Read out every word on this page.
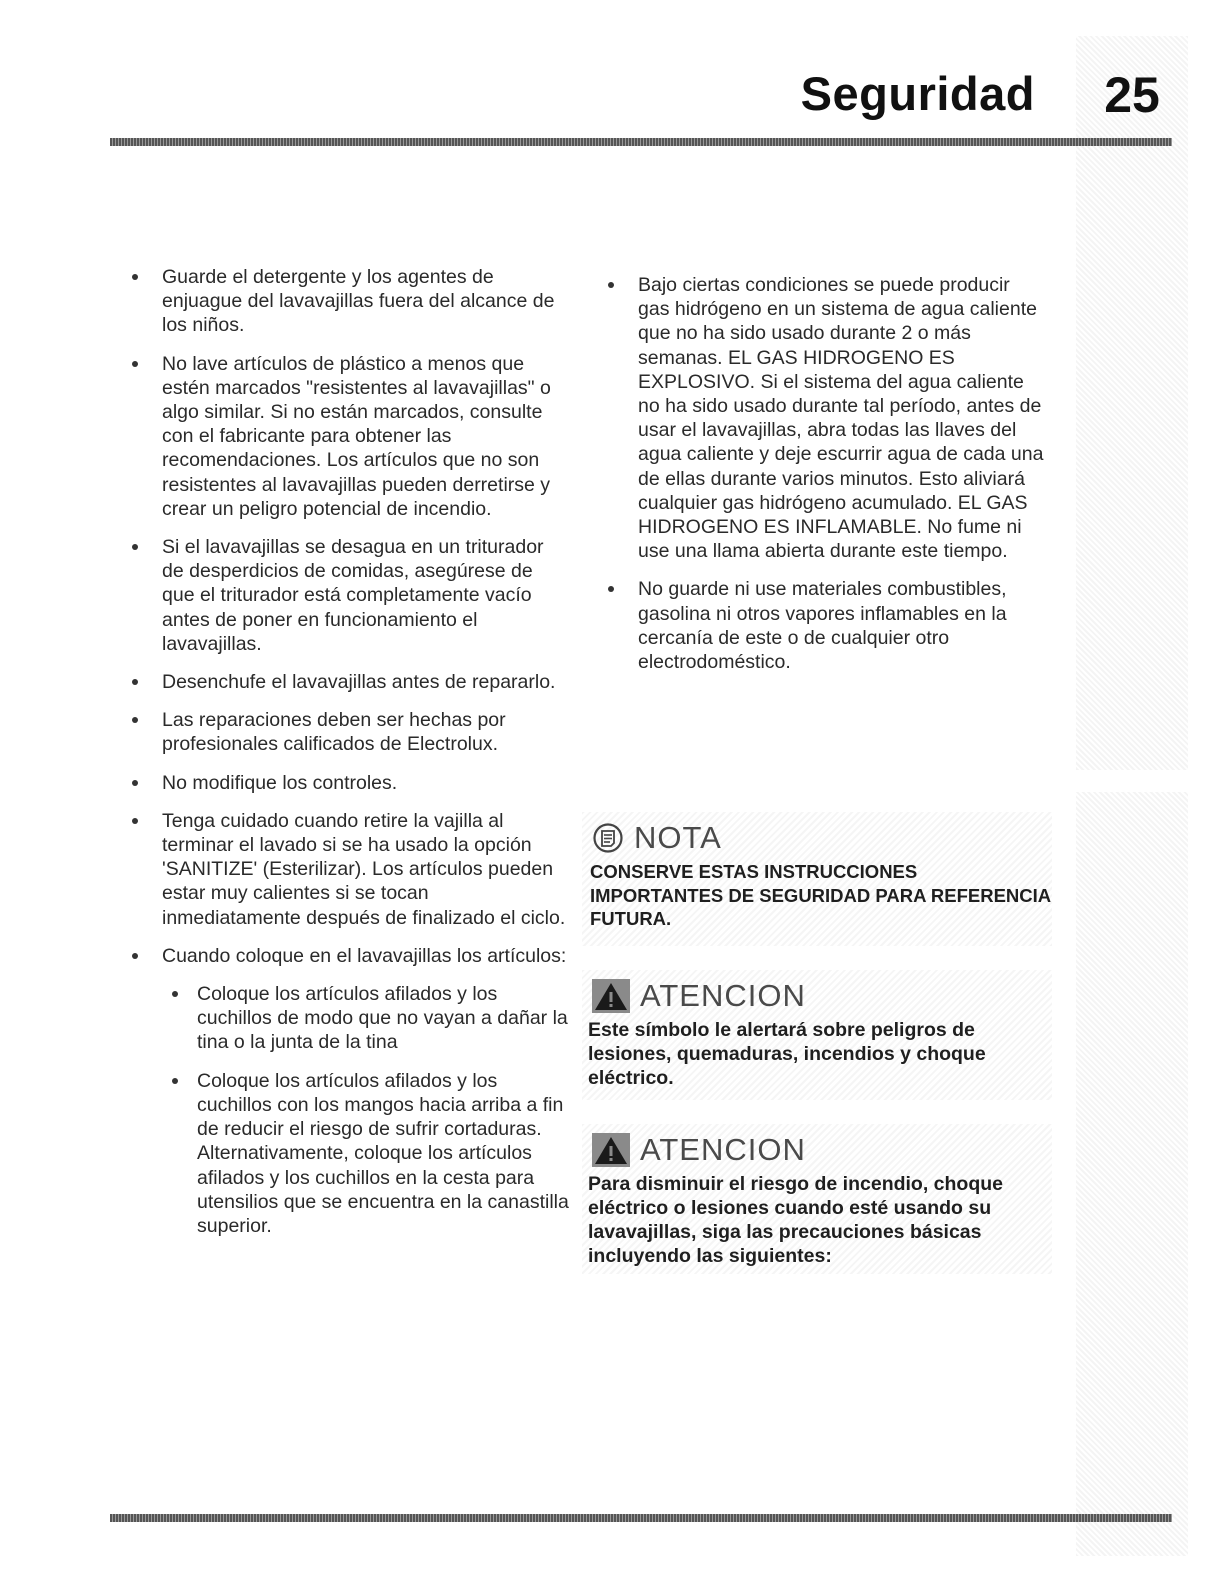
Seguridad 25
Guarde el detergente y los agentes de enjuague del lavavajillas fuera del alcance de los niños.
No lave artículos de plástico a menos que estén marcados "resistentes al lavavajillas" o algo similar. Si no están marcados, consulte con el fabricante para obtener las recomendaciones. Los artículos que no son resistentes al lavavajillas pueden derretirse y crear un peligro potencial de incendio.
Si el lavavajillas se desagua en un triturador de desperdicios de comidas, asegúrese de que el triturador está completamente vacío antes de poner en funcionamiento el lavavajillas.
Desenchufe el lavavajillas antes de repararlo.
Las reparaciones deben ser hechas por profesionales calificados de Electrolux.
No modifique los controles.
Tenga cuidado cuando retire la vajilla al terminar el lavado si se ha usado la opción 'SANITIZE' (Esterilizar). Los artículos pueden estar muy calientes si se tocan inmediatamente después de finalizado el ciclo.
Cuando coloque en el lavavajillas los artículos:
Coloque los artículos afilados y los cuchillos de modo que no vayan a dañar la tina o la junta de la tina
Coloque los artículos afilados y los cuchillos con los mangos hacia arriba a fin de reducir el riesgo de sufrir cortaduras. Alternativamente, coloque los artículos afilados y los cuchillos en la cesta para utensilios que se encuentra en la canastilla superior.
Bajo ciertas condiciones se puede producir gas hidrógeno en un sistema de agua caliente que no ha sido usado durante 2 o más semanas. EL GAS HIDROGENO ES EXPLOSIVO. Si el sistema del agua caliente no ha sido usado durante tal período, antes de usar el lavavajillas, abra todas las llaves del agua caliente y deje escurrir agua de cada una de ellas durante varios minutos. Esto aliviará cualquier gas hidrógeno acumulado. EL GAS HIDROGENO ES INFLAMABLE. No fume ni use una llama abierta durante este tiempo.
No guarde ni use materiales combustibles, gasolina ni otros vapores inflamables en la cercanía de este o de cualquier otro electrodoméstico.
NOTA
CONSERVE ESTAS INSTRUCCIONES IMPORTANTES DE SEGURIDAD PARA REFERENCIA FUTURA.
ATENCION
Este símbolo le alertará sobre peligros de lesiones, quemaduras, incendios y choque eléctrico.
ATENCION
Para disminuir el riesgo de incendio, choque eléctrico o lesiones cuando esté usando su lavavajillas, siga las precauciones básicas incluyendo las siguientes:
